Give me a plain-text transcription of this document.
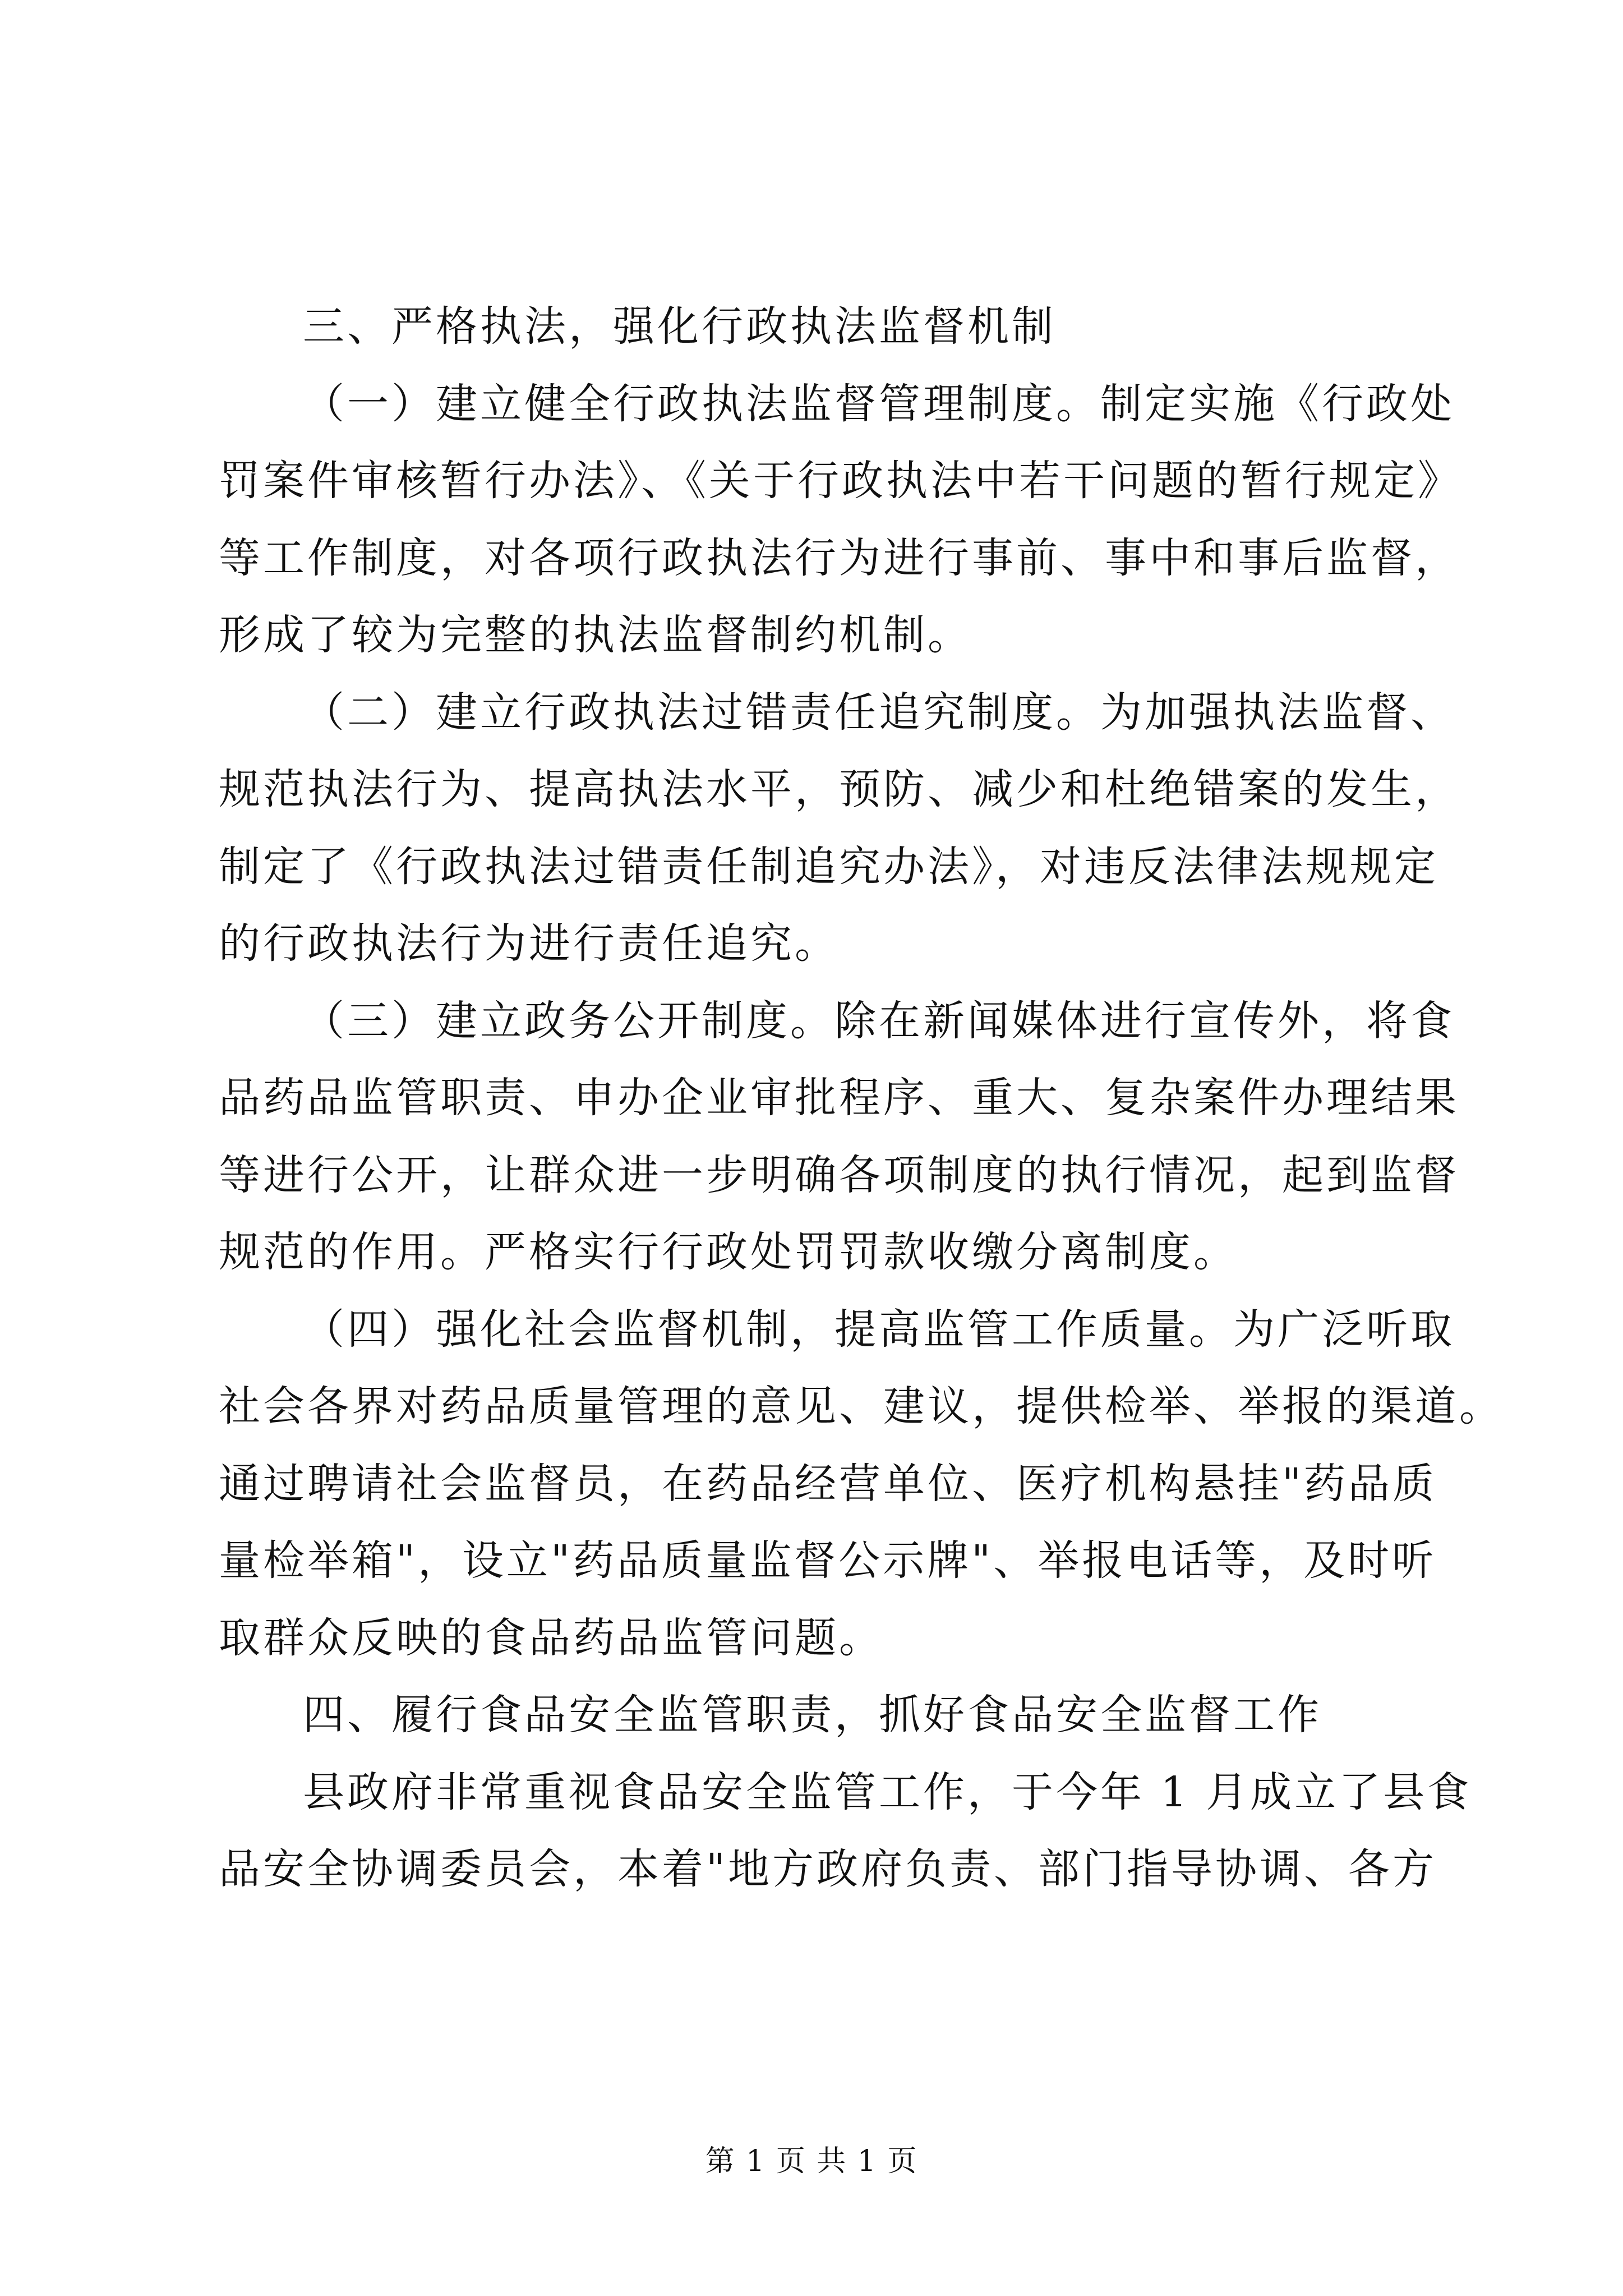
三、严格执法，强化行政执法监督机制
（一）建立健全行政执法监督管理制度。制定实施《行政处
罚案件审核暂行办法》、《关于行政执法中若干问题的暂行规定》
等工作制度，对各项行政执法行为进行事前、事中和事后监督，
形成了较为完整的执法监督制约机制。
（二）建立行政执法过错责任追究制度。为加强执法监督、
规范执法行为、提高执法水平，预防、减少和杜绝错案的发生，
制定了《行政执法过错责任制追究办法》，对违反法律法规规定
的行政执法行为进行责任追究。
（三）建立政务公开制度。除在新闻媒体进行宣传外，将食
品药品监管职责、申办企业审批程序、重大、复杂案件办理结果
等进行公开，让群众进一步明确各项制度的执行情况，起到监督
规范的作用。严格实行行政处罚罚款收缴分离制度。
（四）强化社会监督机制，提高监管工作质量。为广泛听取
社会各界对药品质量管理的意见、建议，提供检举、举报的渠道。
通过聘请社会监督员，在药品经营单位、医疗机构悬挂"药品质
量检举箱"，设立"药品质量监督公示牌"、举报电话等，及时听
取群众反映的食品药品监管问题。
四、履行食品安全监管职责，抓好食品安全监督工作
县政府非常重视食品安全监管工作，于今年 1 月成立了县食
品安全协调委员会，本着"地方政府负责、部门指导协调、各方
第 1 页 共 1 页
